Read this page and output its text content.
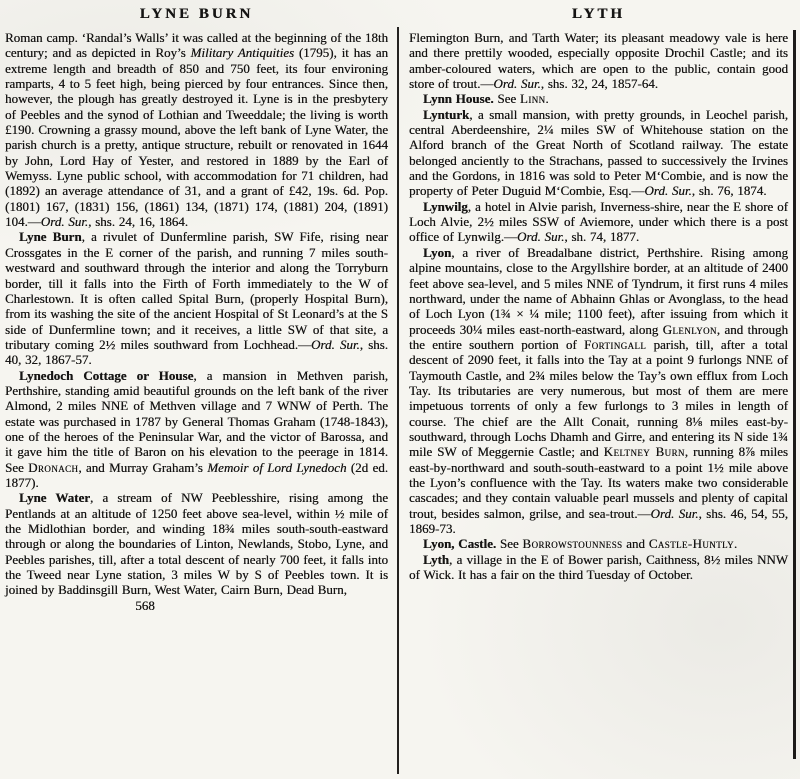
LYNE BURN

Roman camp. ‘Randal’s Walls’ it was called at the beginning of the 18th century; and as depicted in Roy’s Military Antiquities (1795), it has an extreme length and breadth of 850 and 750 feet, its four environing ramparts, 4 to 5 feet high, being pierced by four entrances. Since then, however, the plough has greatly destroyed it. Lyne is in the presbytery of Peebles and the synod of Lothian and Tweeddale; the living is worth £190. Crowning a grassy mound, above the left bank of Lyne Water, the parish church is a pretty, antique structure, rebuilt or renovated in 1644 by John, Lord Hay of Yester, and restored in 1889 by the Earl of Wemyss. Lyne public school, with accommodation for 71 children, had (1892) an average attendance of 31, and a grant of £42, 19s. 6d. Pop. (1801) 167, (1831) 156, (1861) 134, (1871) 174, (1881) 204, (1891) 104.—Ord. Sur., shs. 24, 16, 1864.

Lyne Burn, a rivulet of Dunfermline parish, SW Fife, rising near Crossgates in the E corner of the parish, and running 7 miles south-westward and southward through the interior and along the Torryburn border, till it falls into the Firth of Forth immediately to the W of Charlestown. It is often called Spital Burn, (properly Hospital Burn), from its washing the site of the ancient Hospital of St Leonard’s at the S side of Dunfermline town; and it receives, a little SW of that site, a tributary coming 2½ miles southward from Lochhead.—Ord. Sur., shs. 40, 32, 1867-57.

Lynedoch Cottage or House, a mansion in Methven parish, Perthshire, standing amid beautiful grounds on the left bank of the river Almond, 2 miles NNE of Methven village and 7 WNW of Perth. The estate was purchased in 1787 by General Thomas Graham (1748-1843), one of the heroes of the Peninsular War, and the victor of Barossa, and it gave him the title of Baron on his elevation to the peerage in 1814. See Dronach, and Murray Graham’s Memoir of Lord Lynedoch (2d ed. 1877).

Lyne Water, a stream of NW Peeblesshire, rising among the Pentlands at an altitude of 1250 feet above sea-level, within ½ mile of the Midlothian border, and winding 18¾ miles south-south-eastward through or along the boundaries of Linton, Newlands, Stobo, Lyne, and Peebles parishes, till, after a total descent of nearly 700 feet, it falls into the Tweed near Lyne station, 3 miles W by S of Peebles town. It is joined by Baddinsgill Burn, West Water, Cairn Burn, Dead Burn,

568
LYTH

Flemington Burn, and Tarth Water; its pleasant meadowy vale is here and there prettily wooded, especially opposite Drochil Castle; and its amber-coloured waters, which are open to the public, contain good store of trout.—Ord. Sur., shs. 32, 24, 1857-64.

Lynn House. See Linn.

Lynturk, a small mansion, with pretty grounds, in Leochel parish, central Aberdeenshire, 2¼ miles SW of Whitehouse station on the Alford branch of the Great North of Scotland railway. The estate belonged anciently to the Strachans, passed to successively the Irvines and the Gordons, in 1816 was sold to Peter M‘Combie, and is now the property of Peter Duguid M‘Combie, Esq.—Ord. Sur., sh. 76, 1874.

Lynwilg, a hotel in Alvie parish, Inverness-shire, near the E shore of Loch Alvie, 2½ miles SSW of Aviemore, under which there is a post office of Lynwilg.—Ord. Sur., sh. 74, 1877.

Lyon, a river of Breadalbane district, Perthshire. Rising among alpine mountains, close to the Argyllshire border, at an altitude of 2400 feet above sea-level, and 5 miles NNE of Tyndrum, it first runs 4 miles northward, under the name of Abhainn Ghlas or Avonglass, to the head of Loch Lyon (1¾ × ¼ mile; 1100 feet), after issuing from which it proceeds 30¼ miles east-north-eastward, along Glenlyon, and through the entire southern portion of Fortingall parish, till, after a total descent of 2090 feet, it falls into the Tay at a point 9 furlongs NNE of Taymouth Castle, and 2¾ miles below the Tay’s own efflux from Loch Tay. Its tributaries are very numerous, but most of them are mere impetuous torrents of only a few furlongs to 3 miles in length of course. The chief are the Allt Conait, running 8⅛ miles east-by-southward, through Lochs Dhamh and Girre, and entering its N side 1¾ mile SW of Meggernie Castle; and Keltney Burn, running 8⅞ miles east-by-northward and south-south-eastward to a point 1½ mile above the Lyon’s confluence with the Tay. Its waters make two considerable cascades; and they contain valuable pearl mussels and plenty of capital trout, besides salmon, grilse, and sea-trout.—Ord. Sur., shs. 46, 54, 55, 1869-73.

Lyon, Castle. See Borrowstounness and Castle-Huntly.

Lyth, a village in the E of Bower parish, Caithness, 8½ miles NNW of Wick. It has a fair on the third Tuesday of October.
